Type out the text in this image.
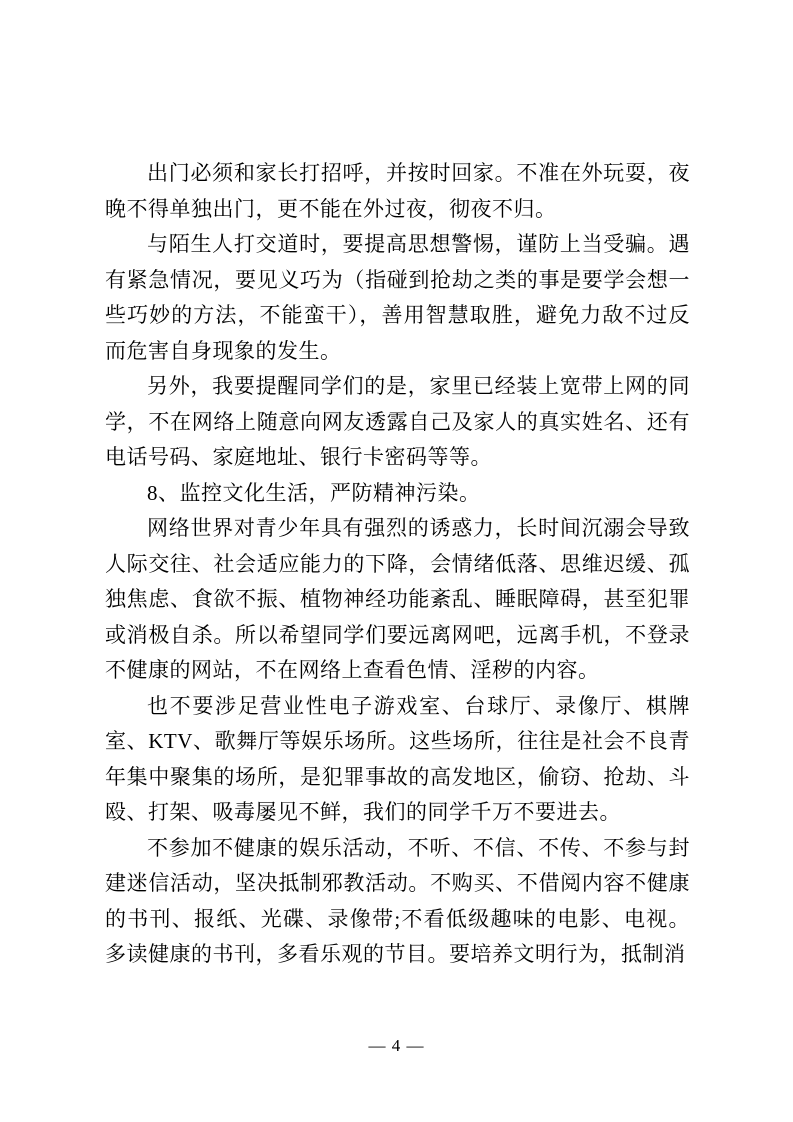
出门必须和家长打招呼，并按时回家。不准在外玩耍，夜晚不得单独出门，更不能在外过夜，彻夜不归。

与陌生人打交道时，要提高思想警惕，谨防上当受骗。遇有紧急情况，要见义巧为（指碰到抢劫之类的事是要学会想一些巧妙的方法，不能蛮干），善用智慧取胜，避免力敌不过反而危害自身现象的发生。

另外，我要提醒同学们的是，家里已经装上宽带上网的同学，不在网络上随意向网友透露自己及家人的真实姓名、还有电话号码、家庭地址、银行卡密码等等。

8、监控文化生活，严防精神污染。

网络世界对青少年具有强烈的诱惑力，长时间沉溺会导致人际交往、社会适应能力的下降，会情绪低落、思维迟缓、孤独焦虑、食欲不振、植物神经功能紊乱、睡眠障碍，甚至犯罪或消极自杀。所以希望同学们要远离网吧，远离手机，不登录不健康的网站，不在网络上查看色情、淫秽的内容。

也不要涉足营业性电子游戏室、台球厅、录像厅、棋牌室、KTV、歌舞厅等娱乐场所。这些场所，往往是社会不良青年集中聚集的场所，是犯罪事故的高发地区，偷窃、抢劫、斗殴、打架、吸毒屡见不鲜，我们的同学千万不要进去。

不参加不健康的娱乐活动，不听、不信、不传、不参与封建迷信活动，坚决抵制邪教活动。不购买、不借阅内容不健康的书刊、报纸、光碟、录像带;不看低级趣味的电影、电视。多读健康的书刊，多看乐观的节目。要培养文明行为，抵制消

— 4 —
